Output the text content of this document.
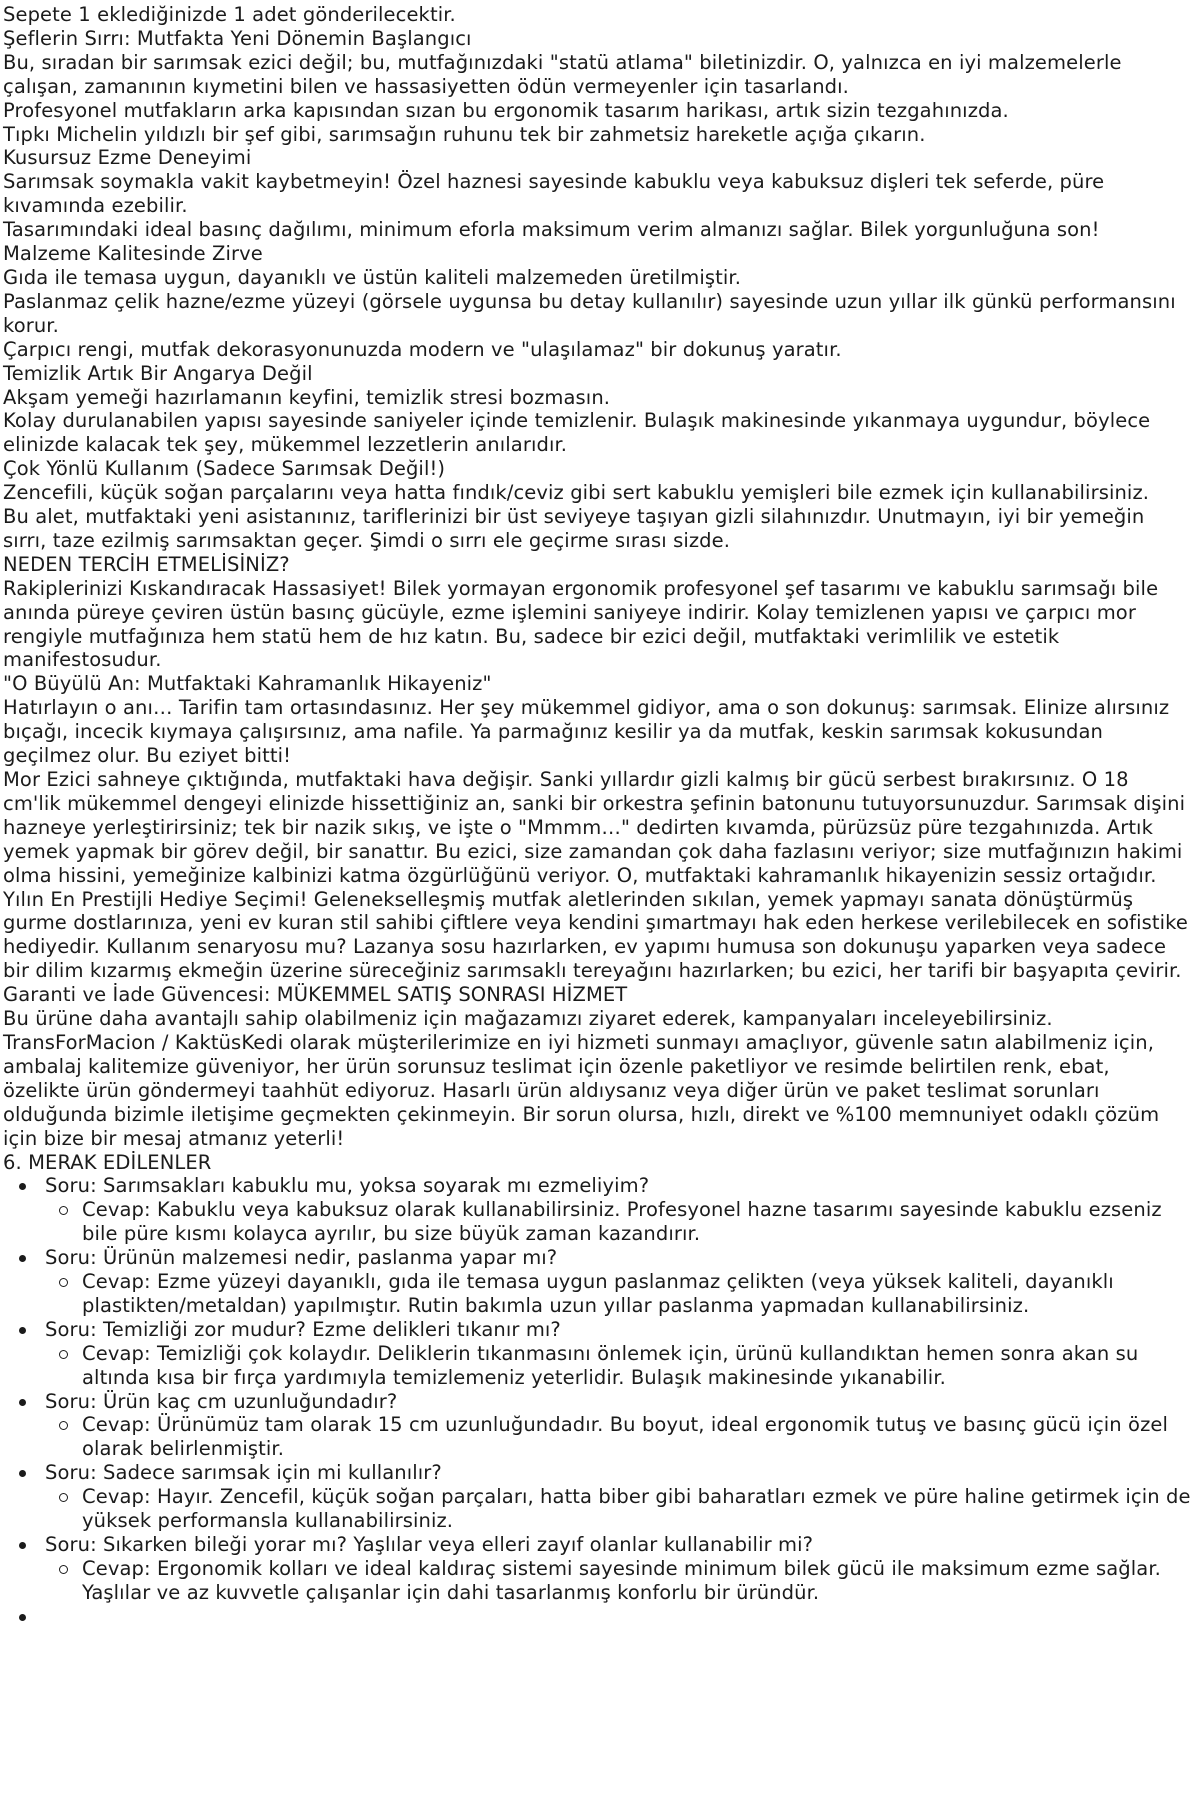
Sepete 1 eklediğinizde 1 adet gönderilecektir.

Şeflerin Sırrı: Mutfakta Yeni Dönemin Başlangıcı

Bu, sıradan bir sarımsak ezici değil; bu, mutfağınızdaki "statü atlama" biletinizdir. O, yalnızca en iyi malzemelerle çalışan, zamanının kıymetini bilen ve hassasiyetten ödün vermeyenler için tasarlandı.

Profesyonel mutfakların arka kapısından sızan bu ergonomik tasarım harikası, artık sizin tezgahınızda.

Tıpkı Michelin yıldızlı bir şef gibi, sarımsağın ruhunu tek bir zahmetsiz hareketle açığa çıkarın.

Kusursuz Ezme Deneyimi

Sarımsak soymakla vakit kaybetmeyin! Özel haznesi sayesinde kabuklu veya kabuksuz dişleri tek seferde, püre kıvamında ezebilir.

Tasarımındaki ideal basınç dağılımı, minimum eforla maksimum verim almanızı sağlar. Bilek yorgunluğuna son!

Malzeme Kalitesinde Zirve

Gıda ile temasa uygun, dayanıklı ve üstün kaliteli malzemeden üretilmiştir.

Paslanmaz çelik hazne/ezme yüzeyi (görsele uygunsa bu detay kullanılır) sayesinde uzun yıllar ilk günkü performansını korur.

Çarpıcı rengi, mutfak dekorasyonunuzda modern ve "ulaşılamaz" bir dokunuş yaratır.

Temizlik Artık Bir Angarya Değil

Akşam yemeği hazırlamanın keyfini, temizlik stresi bozmasın.

Kolay durulanabilen yapısı sayesinde saniyeler içinde temizlenir. Bulaşık makinesinde yıkanmaya uygundur, böylece elinizde kalacak tek şey, mükemmel lezzetlerin anılarıdır.

Çok Yönlü Kullanım (Sadece Sarımsak Değil!)

Zencefili, küçük soğan parçalarını veya hatta fındık/ceviz gibi sert kabuklu yemişleri bile ezmek için kullanabilirsiniz.

Bu alet, mutfaktaki yeni asistanınız, tariflerinizi bir üst seviyeye taşıyan gizli silahınızdır. Unutmayın, iyi bir yemeğin sırrı, taze ezilmiş sarımsaktan geçer. Şimdi o sırrı ele geçirme sırası sizde.

NEDEN TERCİH ETMELİSİNİZ?

Rakiplerinizi Kıskandıracak Hassasiyet! Bilek yormayan ergonomik profesyonel şef tasarımı ve kabuklu sarımsağı bile anında püreye çeviren üstün basınç gücüyle, ezme işlemini saniyeye indirir. Kolay temizlenen yapısı ve çarpıcı mor rengiyle mutfağınıza hem statü hem de hız katın. Bu, sadece bir ezici değil, mutfaktaki verimlilik ve estetik manifestosudur.

"O Büyülü An: Mutfaktaki Kahramanlık Hikayeniz"

Hatırlayın o anı… Tarifin tam ortasındasınız. Her şey mükemmel gidiyor, ama o son dokunuş: sarımsak. Elinize alırsınız bıçağı, incecik kıymaya çalışırsınız, ama nafile. Ya parmağınız kesilir ya da mutfak, keskin sarımsak kokusundan geçilmez olur. Bu eziyet bitti!

Mor Ezici sahneye çıktığında, mutfaktaki hava değişir. Sanki yıllardır gizli kalmış bir gücü serbest bırakırsınız. O 18 cm'lik mükemmel dengeyi elinizde hissettiğiniz an, sanki bir orkestra şefinin batonunu tutuyorsunuzdur. Sarımsak dişini hazneye yerleştirirsiniz; tek bir nazik sıkış, ve işte o "Mmmm…" dedirten kıvamda, pürüzsüz püre tezgahınızda. Artık yemek yapmak bir görev değil, bir sanattır. Bu ezici, size zamandan çok daha fazlasını veriyor; size mutfağınızın hakimi olma hissini, yemeğinize kalbinizi katma özgürlüğünü veriyor. O, mutfaktaki kahramanlık hikayenizin sessiz ortağıdır.

Yılın En Prestijli Hediye Seçimi! Gelenekselleşmiş mutfak aletlerinden sıkılan, yemek yapmayı sanata dönüştürmüş gurme dostlarınıza, yeni ev kuran stil sahibi çiftlere veya kendini şımartmayı hak eden herkese verilebilecek en sofistike hediyedir. Kullanım senaryosu mu? Lazanya sosu hazırlarken, ev yapımı humusa son dokunuşu yaparken veya sadece bir dilim kızarmış ekmeğin üzerine süreceğiniz sarımsaklı tereyağını hazırlarken; bu ezici, her tarifi bir başyapıta çevirir.

Garanti ve İade Güvencesi: MÜKEMMEL SATIŞ SONRASI HİZMET

Bu ürüne daha avantajlı sahip olabilmeniz için mağazamızı ziyaret ederek, kampanyaları inceleyebilirsiniz. TransForMacion / KaktüsKedi olarak müşterilerimize en iyi hizmeti sunmayı amaçlıyor, güvenle satın alabilmeniz için, ambalaj kalitemize güveniyor, her ürün sorunsuz teslimat için özenle paketliyor ve resimde belirtilen renk, ebat, özelikte ürün göndermeyi taahhüt ediyoruz. Hasarlı ürün aldıysanız veya diğer ürün ve paket teslimat sorunları olduğunda bizimle iletişime geçmekten çekinmeyin. Bir sorun olursa, hızlı, direkt ve %100 memnuniyet odaklı çözüm için bize bir mesaj atmanız yeterli!

6. MERAK EDİLENLER

Soru: Sarımsakları kabuklu mu, yoksa soyarak mı ezmeliyim?
Cevap: Kabuklu veya kabuksuz olarak kullanabilirsiniz. Profesyonel hazne tasarımı sayesinde kabuklu ezseniz bile püre kısmı kolayca ayrılır, bu size büyük zaman kazandırır.
Soru: Ürünün malzemesi nedir, paslanma yapar mı?
Cevap: Ezme yüzeyi dayanıklı, gıda ile temasa uygun paslanmaz çelikten (veya yüksek kaliteli, dayanıklı plastikten/metaldan) yapılmıştır. Rutin bakımla uzun yıllar paslanma yapmadan kullanabilirsiniz.
Soru: Temizliği zor mudur? Ezme delikleri tıkanır mı?
Cevap: Temizliği çok kolaydır. Deliklerin tıkanmasını önlemek için, ürünü kullandıktan hemen sonra akan su altında kısa bir fırça yardımıyla temizlemeniz yeterlidir. Bulaşık makinesinde yıkanabilir.
Soru: Ürün kaç cm uzunluğundadır?
Cevap: Ürünümüz tam olarak 15 cm uzunluğundadır. Bu boyut, ideal ergonomik tutuş ve basınç gücü için özel olarak belirlenmiştir.
Soru: Sadece sarımsak için mi kullanılır?
Cevap: Hayır. Zencefil, küçük soğan parçaları, hatta biber gibi baharatları ezmek ve püre haline getirmek için de yüksek performansla kullanabilirsiniz.
Soru: Sıkarken bileği yorar mı? Yaşlılar veya elleri zayıf olanlar kullanabilir mi?
Cevap: Ergonomik kolları ve ideal kaldıraç sistemi sayesinde minimum bilek gücü ile maksimum ezme sağlar. Yaşlılar ve az kuvvetle çalışanlar için dahi tasarlanmış konforlu bir üründür.
